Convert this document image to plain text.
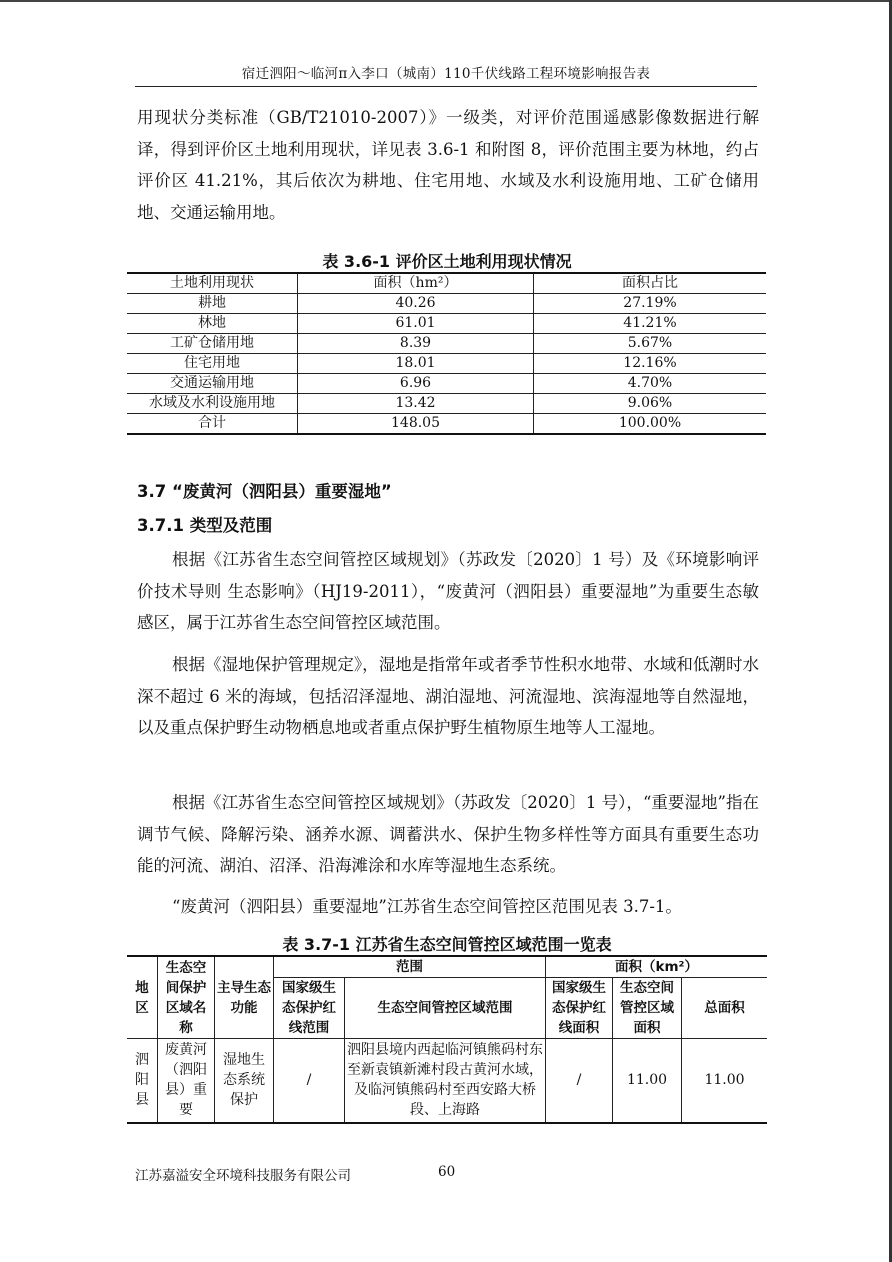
宿迁泗阳～临河π入李口（城南）110千伏线路工程环境影响报告表

用现状分类标准（GB/T21010-2007）》一级类，对评价范围遥感影像数据进行解译，得到评价区土地利用现状，详见表 3.6-1 和附图 8，评价范围主要为林地，约占评价区 41.21%，其后依次为耕地、住宅用地、水域及水利设施用地、工矿仓储用地、交通运输用地。

表 3.6-1 评价区土地利用现状情况
土地利用现状	面积（hm²）	面积占比
耕地	40.26	27.19%
林地	61.01	41.21%
工矿仓储用地	8.39	5.67%
住宅用地	18.01	12.16%
交通运输用地	6.96	4.70%
水域及水利设施用地	13.42	9.06%
合计	148.05	100.00%
3.7 “废黄河（泗阳县）重要湿地”
3.7.1 类型及范围

根据《江苏省生态空间管控区域规划》（苏政发〔2020〕1 号）及《环境影响评价技术导则 生态影响》（HJ19-2011），“废黄河（泗阳县）重要湿地”为重要生态敏感区，属于江苏省生态空间管控区域范围。

根据《湿地保护管理规定》，湿地是指常年或者季节性积水地带、水域和低潮时水深不超过 6 米的海域，包括沼泽湿地、湖泊湿地、河流湿地、滨海湿地等自然湿地，以及重点保护野生动物栖息地或者重点保护野生植物原生地等人工湿地。

根据《江苏省生态空间管控区域规划》（苏政发〔2020〕1 号），“重要湿地”指在调节气候、降解污染、涵养水源、调蓄洪水、保护生物多样性等方面具有重要生态功能的河流、湖泊、沼泽、沿海滩涂和水库等湿地生态系统。

“废黄河（泗阳县）重要湿地”江苏省生态空间管控区范围见表 3.7-1。

表 3.7-1 江苏省生态空间管控区域范围一览表
地区	生态空间保护区域名称	主导生态功能	范围		面积（km²）		
			国家级生态保护红线范围	生态空间管控区域范围	国家级生态保护红线面积	生态空间管控区域面积	总面积
泗阳县	废黄河（泗阳县）重要	湿地生态系统保护	/	泗阳县境内西起临河镇熊码村东至新袁镇新滩村段古黄河水域，及临河镇熊码村至西安路大桥段、上海路	/	11.00	11.00
江苏嘉溢安全环境科技服务有限公司	60
